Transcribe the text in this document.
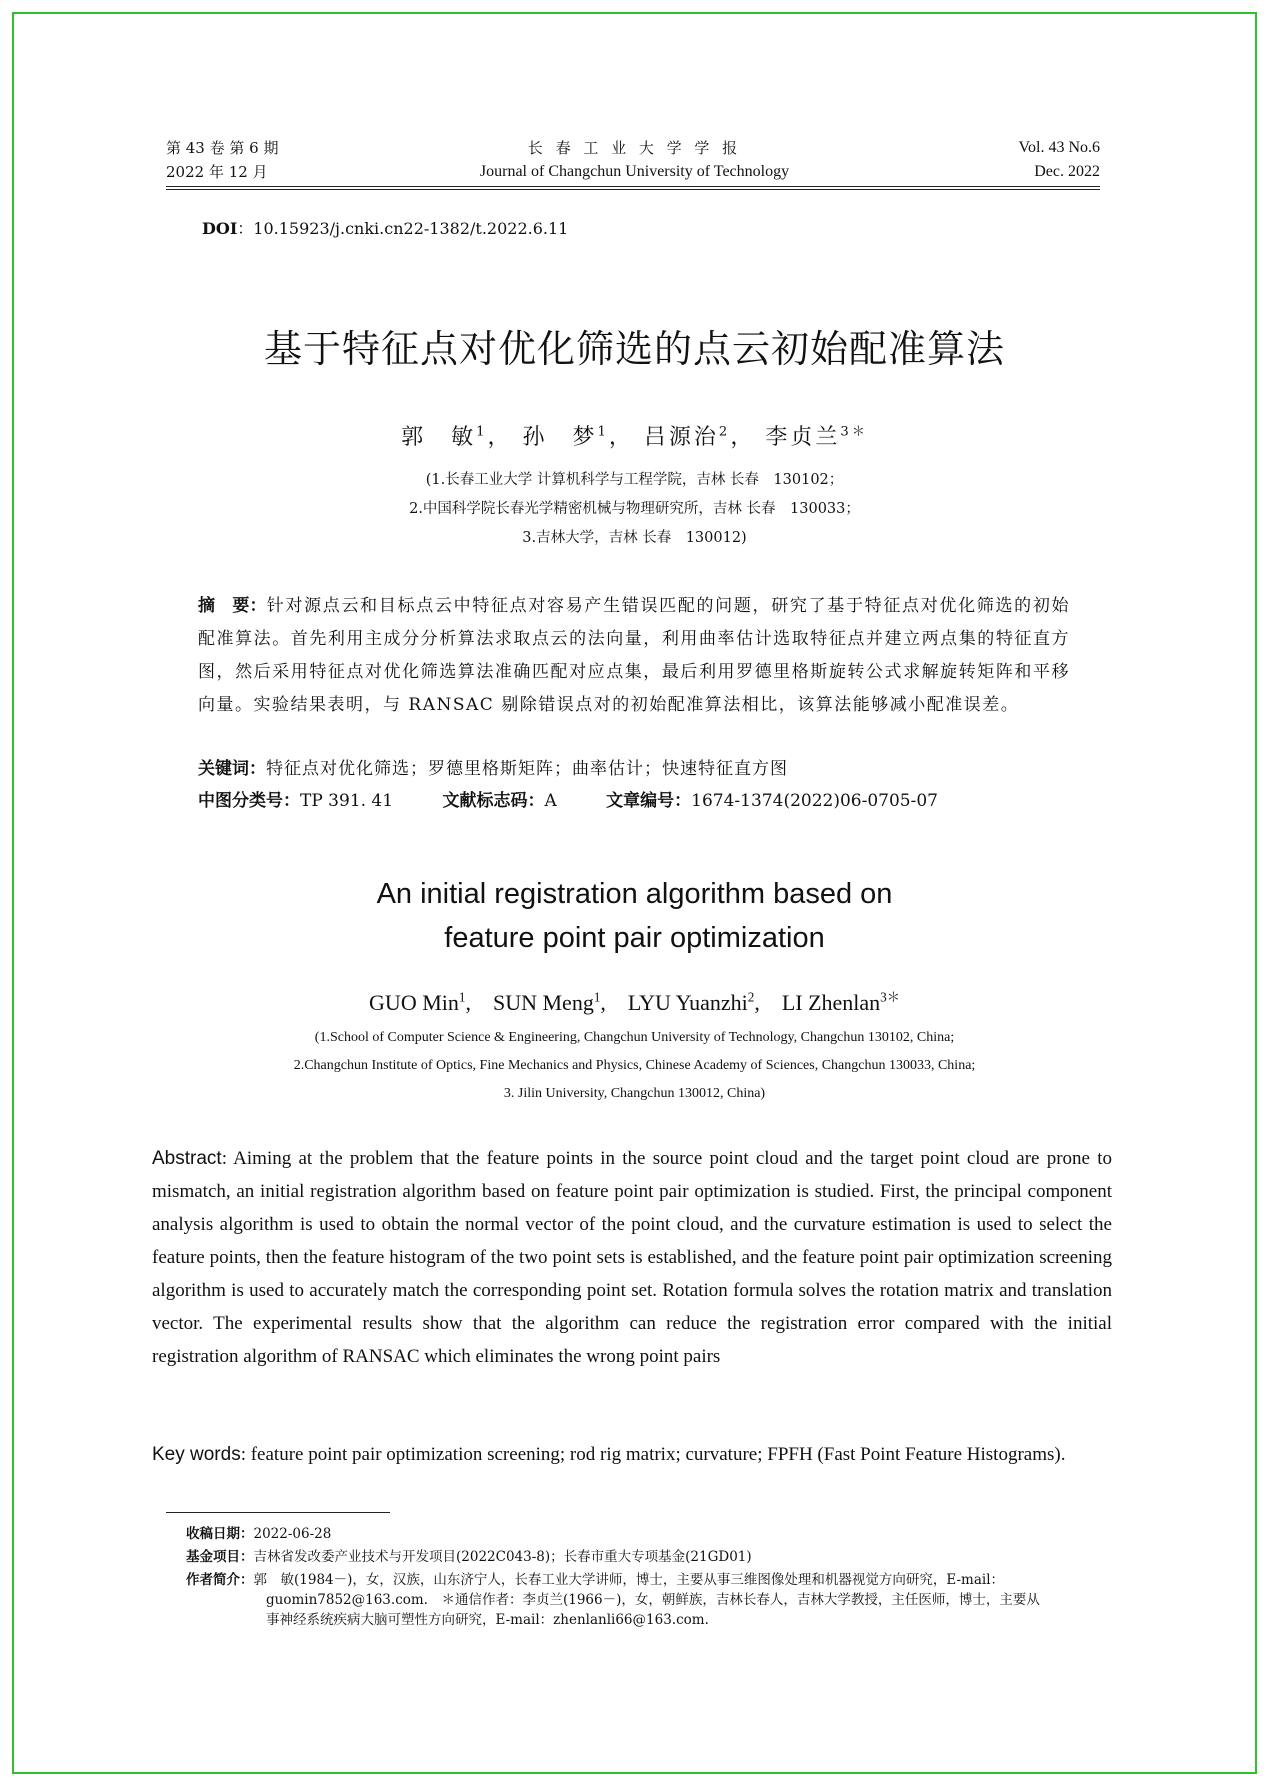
第 43 卷 第 6 期
2022 年 12 月
长 春 工 业 大 学 学 报
Journal of Changchun University of Technology
Vol. 43 No.6
Dec. 2022
DOI：10.15923/j.cnki.cn22-1382/t.2022.6.11
基于特征点对优化筛选的点云初始配准算法
郭　敏$^1$， 孙　梦$^1$， 吕源治$^2$， 李贞兰$^{3*}$
(1.长春工业大学 计算机科学与工程学院，吉林 长春　130102；
2.中国科学院长春光学精密机械与物理研究所，吉林 长春　130033；
3.吉林大学，吉林 长春　130012)
摘　要：针对源点云和目标点云中特征点对容易产生错误匹配的问题，研究了基于特征点对优化筛选的初始配准算法。首先利用主成分分析算法求取点云的法向量，利用曲率估计选取特征点并建立两点集的特征直方图，然后采用特征点对优化筛选算法准确匹配对应点集，最后利用罗德里格斯旋转公式求解旋转矩阵和平移向量。实验结果表明，与 RANSAC 剔除错误点对的初始配准算法相比，该算法能够减小配准误差。
关键词：特征点对优化筛选；罗德里格斯矩阵；曲率估计；快速特征直方图
中图分类号：TP 391. 41	文献标志码：A	文章编号：1674-1374(2022)06-0705-07
An initial registration algorithm based on
feature point pair optimization
GUO Min$^1$,    SUN Meng$^1$,    LYU Yuanzhi$^2$,    LI Zhenlan$^{3*}$
(1.School of Computer Science & Engineering, Changchun University of Technology, Changchun 130102, China;
2.Changchun Institute of Optics, Fine Mechanics and Physics, Chinese Academy of Sciences, Changchun 130033, China;
3. Jilin University, Changchun 130012, China)
Abstract: Aiming at the problem that the feature points in the source point cloud and the target point cloud are prone to mismatch, an initial registration algorithm based on feature point pair optimization is studied. First, the principal component analysis algorithm is used to obtain the normal vector of the point cloud, and the curvature estimation is used to select the feature points, then the feature histogram of the two point sets is established, and the feature point pair optimization screening algorithm is used to accurately match the corresponding point set. Rotation formula solves the rotation matrix and translation vector. The experimental results show that the algorithm can reduce the registration error compared with the initial registration algorithm of RANSAC which eliminates the wrong point pairs
Key words: feature point pair optimization screening; rod rig matrix; curvature; FPFH (Fast Point Feature Histograms).
收稿日期：2022-06-28
基金项目：吉林省发改委产业技术与开发项目(2022C043-8)；长春市重大专项基金(21GD01)
作者简介：郭　敏(1984－)，女，汉族，山东济宁人，长春工业大学讲师，博士，主要从事三维图像处理和机器视觉方向研究，E-mail：
guomin7852@163.com.　＊通信作者：李贞兰(1966－)，女，朝鲜族，吉林长春人，吉林大学教授，主任医师，博士，主要从
事神经系统疾病大脑可塑性方向研究，E-mail：zhenlanli66@163.com.
